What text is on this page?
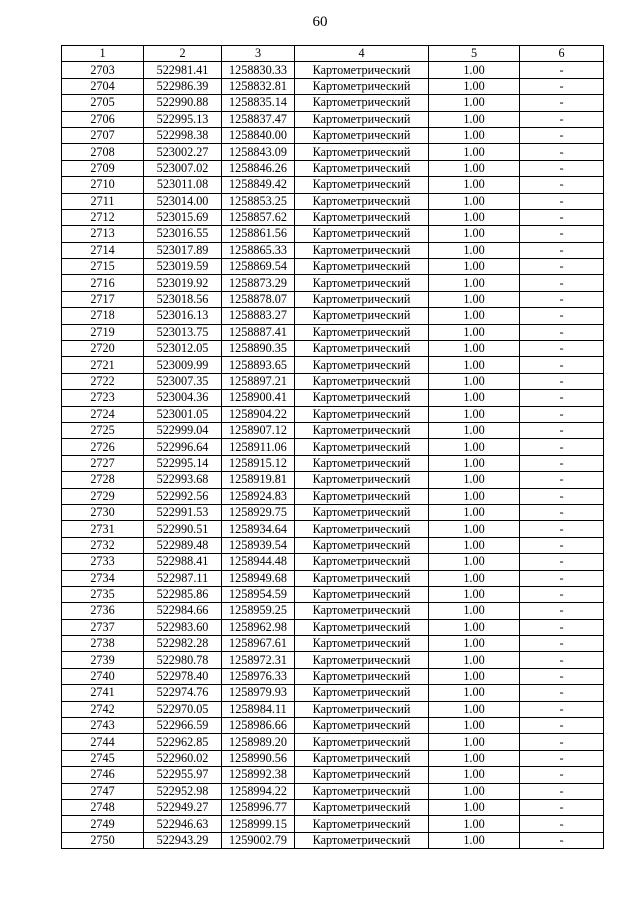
60
1	2	3	4	5	6
2703	522981.41	1258830.33	Картометрический	1.00	-
2704	522986.39	1258832.81	Картометрический	1.00	-
2705	522990.88	1258835.14	Картометрический	1.00	-
2706	522995.13	1258837.47	Картометрический	1.00	-
2707	522998.38	1258840.00	Картометрический	1.00	-
2708	523002.27	1258843.09	Картометрический	1.00	-
2709	523007.02	1258846.26	Картометрический	1.00	-
2710	523011.08	1258849.42	Картометрический	1.00	-
2711	523014.00	1258853.25	Картометрический	1.00	-
2712	523015.69	1258857.62	Картометрический	1.00	-
2713	523016.55	1258861.56	Картометрический	1.00	-
2714	523017.89	1258865.33	Картометрический	1.00	-
2715	523019.59	1258869.54	Картометрический	1.00	-
2716	523019.92	1258873.29	Картометрический	1.00	-
2717	523018.56	1258878.07	Картометрический	1.00	-
2718	523016.13	1258883.27	Картометрический	1.00	-
2719	523013.75	1258887.41	Картометрический	1.00	-
2720	523012.05	1258890.35	Картометрический	1.00	-
2721	523009.99	1258893.65	Картометрический	1.00	-
2722	523007.35	1258897.21	Картометрический	1.00	-
2723	523004.36	1258900.41	Картометрический	1.00	-
2724	523001.05	1258904.22	Картометрический	1.00	-
2725	522999.04	1258907.12	Картометрический	1.00	-
2726	522996.64	1258911.06	Картометрический	1.00	-
2727	522995.14	1258915.12	Картометрический	1.00	-
2728	522993.68	1258919.81	Картометрический	1.00	-
2729	522992.56	1258924.83	Картометрический	1.00	-
2730	522991.53	1258929.75	Картометрический	1.00	-
2731	522990.51	1258934.64	Картометрический	1.00	-
2732	522989.48	1258939.54	Картометрический	1.00	-
2733	522988.41	1258944.48	Картометрический	1.00	-
2734	522987.11	1258949.68	Картометрический	1.00	-
2735	522985.86	1258954.59	Картометрический	1.00	-
2736	522984.66	1258959.25	Картометрический	1.00	-
2737	522983.60	1258962.98	Картометрический	1.00	-
2738	522982.28	1258967.61	Картометрический	1.00	-
2739	522980.78	1258972.31	Картометрический	1.00	-
2740	522978.40	1258976.33	Картометрический	1.00	-
2741	522974.76	1258979.93	Картометрический	1.00	-
2742	522970.05	1258984.11	Картометрический	1.00	-
2743	522966.59	1258986.66	Картометрический	1.00	-
2744	522962.85	1258989.20	Картометрический	1.00	-
2745	522960.02	1258990.56	Картометрический	1.00	-
2746	522955.97	1258992.38	Картометрический	1.00	-
2747	522952.98	1258994.22	Картометрический	1.00	-
2748	522949.27	1258996.77	Картометрический	1.00	-
2749	522946.63	1258999.15	Картометрический	1.00	-
2750	522943.29	1259002.79	Картометрический	1.00	-
